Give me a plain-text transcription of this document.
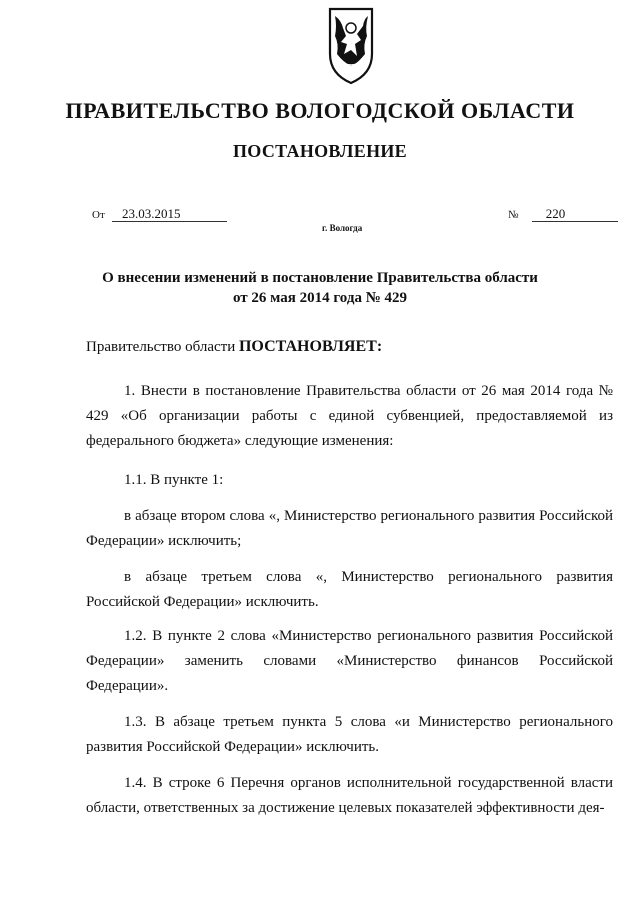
ПРАВИТЕЛЬСТВО ВОЛОГОДСКОЙ ОБЛАСТИ
ПОСТАНОВЛЕНИЕ
От 23.03.2015	№ 220
г. Вологда
О внесении изменений в постановление Правительства области
от 26 мая 2014 года № 429
Правительство области ПОСТАНОВЛЯЕТ:

1. Внести в постановление Правительства области от 26 мая 2014 года № 429 «Об организации работы с единой субвенцией, предоставляемой из федерального бюджета» следующие изменения:

1.1. В пункте 1:

в абзаце втором слова «, Министерство регионального развития Российской Федерации» исключить;

в абзаце третьем слова «, Министерство регионального развития Российской Федерации» исключить.

1.2. В пункте 2 слова «Министерство регионального развития Российской Федерации» заменить словами «Министерство финансов Российской Федерации».

1.3. В абзаце третьем пункта 5 слова «и Министерство регионального развития Российской Федерации» исключить.

1.4. В строке 6 Перечня органов исполнительной государственной власти области, ответственных за достижение целевых показателей эффективности дея-
